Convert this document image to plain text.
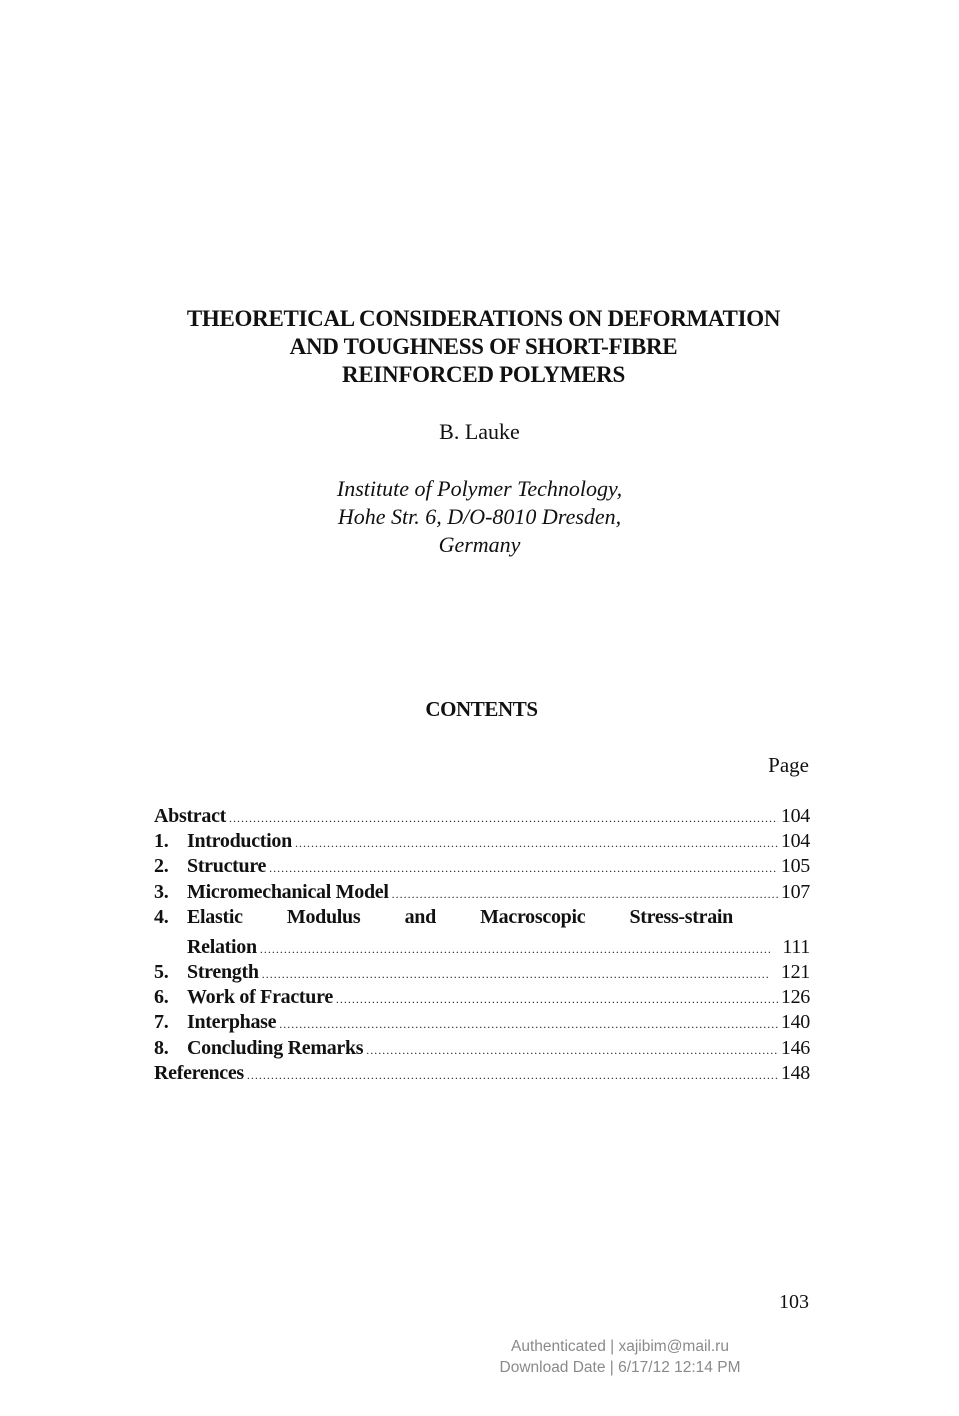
THEORETICAL CONSIDERATIONS ON DEFORMATION
AND TOUGHNESS OF SHORT-FIBRE
REINFORCED POLYMERS
B. Lauke
Institute of Polymer Technology,
Hohe Str. 6, D/O-8010 Dresden,
Germany
CONTENTS
Page
Abstract .....	104
1. Introduction .....	104
2. Structure .....	105
3. Micromechanical Model .....	107
4. Elastic Modulus and Macroscopic Stress-strain
Relation .....	111
5. Strength .....	121
6. Work of Fracture .....	126
7. Interphase .....	140
8. Concluding Remarks .....	146
References .....	148
103
Authenticated | xajibim@mail.ru
Download Date | 6/17/12 12:14 PM
